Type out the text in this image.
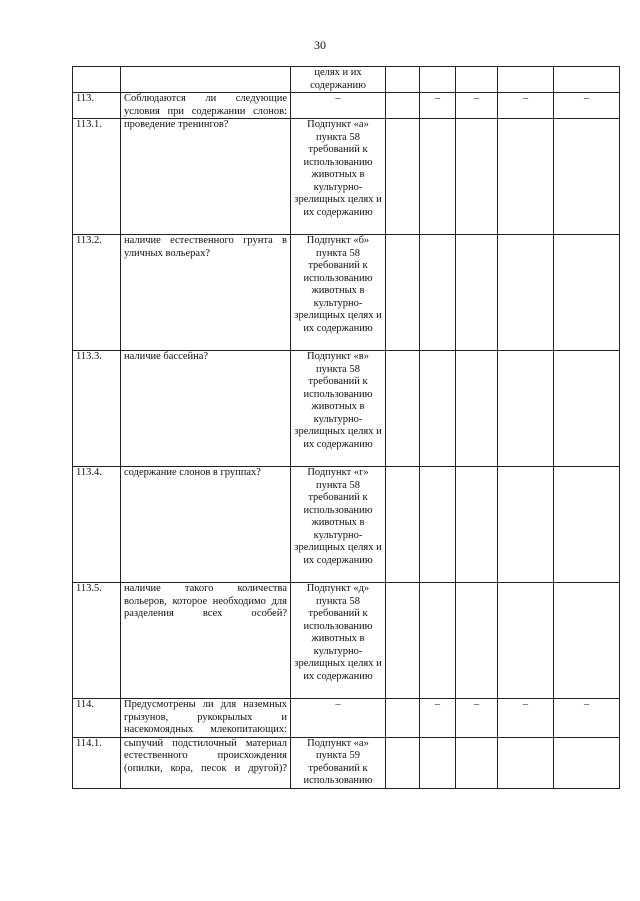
30
		целях и их содержанию					
113.	Соблюдаются ли следующие условия при содержании слонов:	–		–	–	–	–
113.1.	проведение тренингов?	Подпункт «а» пункта 58 требований к использованию животных в культурно-зрелищных целях и их содержанию					
113.2.	наличие естественного грунта в уличных вольерах?	Подпункт «б» пункта 58 требований к использованию животных в культурно-зрелищных целях и их содержанию					
113.3.	наличие бассейна?	Подпункт «в» пункта 58 требований к использованию животных в культурно-зрелищных целях и их содержанию					
113.4.	содержание слонов в группах?	Подпункт «г» пункта 58 требований к использованию животных в культурно-зрелищных целях и их содержанию					
113.5.	наличие такого количества вольеров, которое необходимо для разделения всех особей?	Подпункт «д» пункта 58 требований к использованию животных в культурно-зрелищных целях и их содержанию					
114.	Предусмотрены ли для наземных грызунов, рукокрылых и насекомоядных млекопитающих:	–		–	–	–	–
114.1.	сыпучий подстилочный материал естественного происхождения (опилки, кора, песок и другой)?	Подпункт «а» пункта 59 требований к использованию					
